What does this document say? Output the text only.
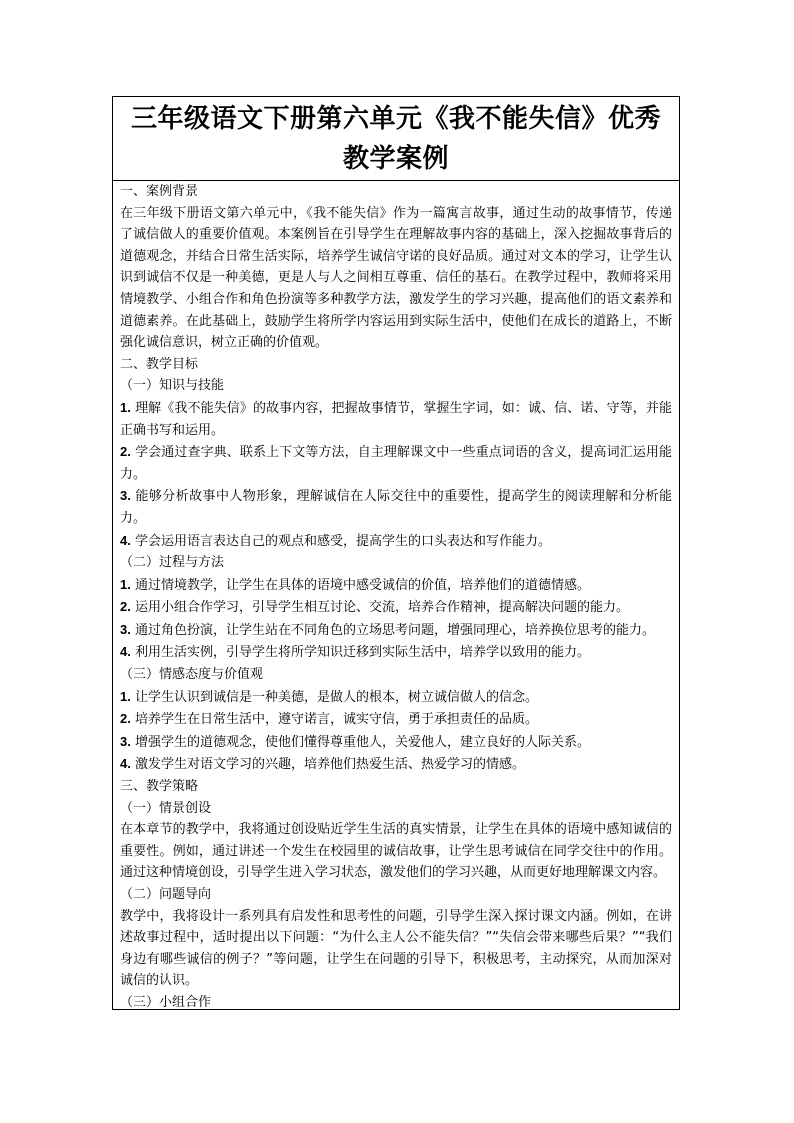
三年级语文下册第六单元《我不能失信》优秀教学案例

一、案例背景

在三年级下册语文第六单元中，《我不能失信》作为一篇寓言故事，通过生动的故事情节，传递了诚信做人的重要价值观。本案例旨在引导学生在理解故事内容的基础上，深入挖掘故事背后的道德观念，并结合日常生活实际，培养学生诚信守诺的良好品质。通过对文本的学习，让学生认识到诚信不仅是一种美德，更是人与人之间相互尊重、信任的基石。在教学过程中，教师将采用情境教学、小组合作和角色扮演等多种教学方法，激发学生的学习兴趣，提高他们的语文素养和道德素养。在此基础上，鼓励学生将所学内容运用到实际生活中，使他们在成长的道路上，不断强化诚信意识，树立正确的价值观。

二、教学目标

（一）知识与技能

1. 理解《我不能失信》的故事内容，把握故事情节，掌握生字词，如：诚、信、诺、守等，并能正确书写和运用。

2. 学会通过查字典、联系上下文等方法，自主理解课文中一些重点词语的含义，提高词汇运用能力。

3. 能够分析故事中人物形象，理解诚信在人际交往中的重要性，提高学生的阅读理解和分析能力。

4. 学会运用语言表达自己的观点和感受，提高学生的口头表达和写作能力。

（二）过程与方法

1. 通过情境教学，让学生在具体的语境中感受诚信的价值，培养他们的道德情感。

2. 运用小组合作学习，引导学生相互讨论、交流，培养合作精神，提高解决问题的能力。

3. 通过角色扮演，让学生站在不同角色的立场思考问题，增强同理心，培养换位思考的能力。

4. 利用生活实例，引导学生将所学知识迁移到实际生活中，培养学以致用的能力。

（三）情感态度与价值观

1. 让学生认识到诚信是一种美德，是做人的根本，树立诚信做人的信念。

2. 培养学生在日常生活中，遵守诺言，诚实守信，勇于承担责任的品质。

3. 增强学生的道德观念，使他们懂得尊重他人，关爱他人，建立良好的人际关系。

4. 激发学生对语文学习的兴趣，培养他们热爱生活、热爱学习的情感。

三、教学策略

（一）情景创设

在本章节的教学中，我将通过创设贴近学生生活的真实情景，让学生在具体的语境中感知诚信的重要性。例如，通过讲述一个发生在校园里的诚信故事，让学生思考诚信在同学交往中的作用。通过这种情境创设，引导学生进入学习状态，激发他们的学习兴趣，从而更好地理解课文内容。

（二）问题导向

教学中，我将设计一系列具有启发性和思考性的问题，引导学生深入探讨课文内涵。例如，在讲述故事过程中，适时提出以下问题：“为什么主人公不能失信？”“失信会带来哪些后果？”“我们身边有哪些诚信的例子？”等问题，让学生在问题的引导下，积极思考，主动探究，从而加深对诚信的认识。

（三）小组合作
